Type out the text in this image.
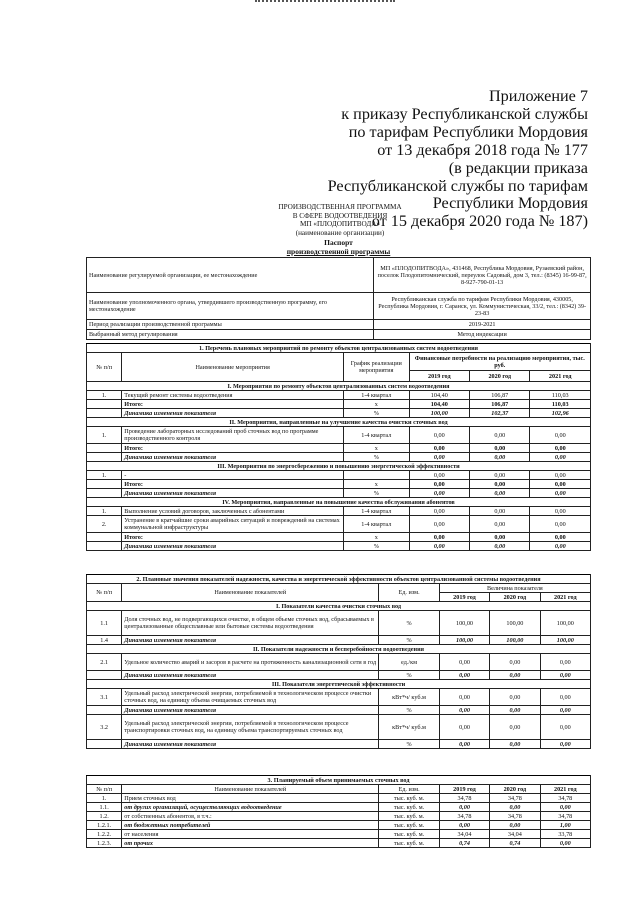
Приложение 7
к приказу Республиканской службы
по тарифам Республики Мордовия
от 13 декабря 2018 года № 177
(в редакции приказа
Республиканской службы по тарифам
Республики Мордовия
от 15 декабря 2020 года № 187)
ПРОИЗВОДСТВЕННАЯ ПРОГРАММА
В СФЕРЕ ВОДООТВЕДЕНИЯ
МП «ПЛОДОПИТВОДА»
(наименование организации)
Паспорт
производственной программы
Наименование регулируемой организации, ее местонахождение	МП «ПЛОДОПИТВОДА», 431468, Республика Мордовия, Рузаевский район, поселок Плодопитомнический, переулок Садовый, дом 3, тел.: (8345) 16-99-87, 8-927-790-01-13
Наименование уполномоченного органа, утвердившего производственную программу, его местонахождение	Республиканская служба по тарифам Республики Мордовия, 430005, Республика Мордовия, г. Саранск, ул. Коммунистическая, 33/2, тел.: (8342) 39-23-83
Период реализации производственной программы	2019-2021
Выбранный метод регулирования	Метод индексации
1. Перечень плановых мероприятий по ремонту объектов централизованных систем водоотведения					
№ п/п	Наименование мероприятия	График реализации мероприятия	Финансовые потребности на реализацию мероприятия, тыс. руб.		
			2019 год	2020 год	2021 год
I. Мероприятия по ремонту объектов централизованных систем водоотведения					
1.	Текущий ремонт системы водоотведения	1-4 квартал	104,40	106,87	110,03
	Итого:	х	104,40	106,87	110,03
	Динамика изменения показателя	%	100,00	102,37	102,96
II. Мероприятия, направленные на улучшение качества очистки сточных вод					
1.	Проведение лабораторных исследований проб сточных вод по программе производственного контроля	1-4 квартал	0,00	0,00	0,00
	Итого:	х	0,00	0,00	0,00
	Динамика изменения показателя	%	0,00	0,00	0,00
III. Мероприятия по энергосбережению и повышению энергетической эффективности					
1.	-		0,00	0,00	0,00
	Итого:	х	0,00	0,00	0,00
	Динамика изменения показателя	%	0,00	0,00	0,00
IV. Мероприятия, направленные на повышение качества обслуживания абонентов					
1.	Выполнение условий договоров, заключенных с абонентами	1-4 квартал	0,00	0,00	0,00
2.	Устранение в кратчайшие сроки аварийных ситуаций и повреждений на системах коммунальной инфраструктуры	1-4 квартал	0,00	0,00	0,00
	Итого:	х	0,00	0,00	0,00
	Динамика изменения показателя	%	0,00	0,00	0,00
2. Плановые значения показателей надежности, качества и энергетической эффективности объектов централизованной системы водоотведения					
№ п/п	Наименование показателей	Ед. изм.	Величина показателя		
			2019 год	2020 год	2021 год
I. Показатели качества очистки сточных вод					
1.1	Доля сточных вод, не подвергающихся очистке, в общем объеме сточных вод, сбрасываемых в централизованные общесплавные или бытовые системы водоотведения	%	100,00	100,00	100,00
1.4	Динамика изменения показателя	%	100,00	100,00	100,00
II. Показатели надежности и бесперебойности водоотведения					
2.1	Удельное количество аварий и засоров в расчете на протяженность канализационной сети в год	ед./км	0,00	0,00	0,00
	Динамика изменения показателя	%	0,00	0,00	0,00
III. Показатели энергетической эффективности					
3.1	Удельный расход электрической энергии, потребляемой в технологическом процессе очистки сточных вод, на единицу объема очищаемых сточных вод	кВт*ч/ куб.м	0,00	0,00	0,00
	Динамика изменения показателя	%	0,00	0,00	0,00
3.2	Удельный расход электрической энергии, потребляемой в технологическом процессе транспортировки сточных вод, на единицу объема транспортируемых сточных вод	кВт*ч/ куб.м	0,00	0,00	0,00
	Динамика изменения показателя	%	0,00	0,00	0,00
3. Планируемый объем принимаемых сточных вод					
№ п/п	Наименование показателей	Ед. изм.	2019 год	2020 год	2021 год
1.	Прием сточных вод	тыс. куб. м.	34,78	34,78	34,78
1.1.	от других организаций, осуществляющих водоотведение	тыс. куб. м.	0,00	0,00	0,00
1.2.	от собственных абонентов, в т.ч.:	тыс. куб. м.	34,78	34,78	34,78
1.2.1.	от бюджетных потребителей	тыс. куб. м.	0,00	0,00	1,00
1.2.2.	от населения	тыс. куб. м.	34,04	34,04	33,78
1.2.3.	от прочих	тыс. куб. м.	0,74	0,74	0,00
